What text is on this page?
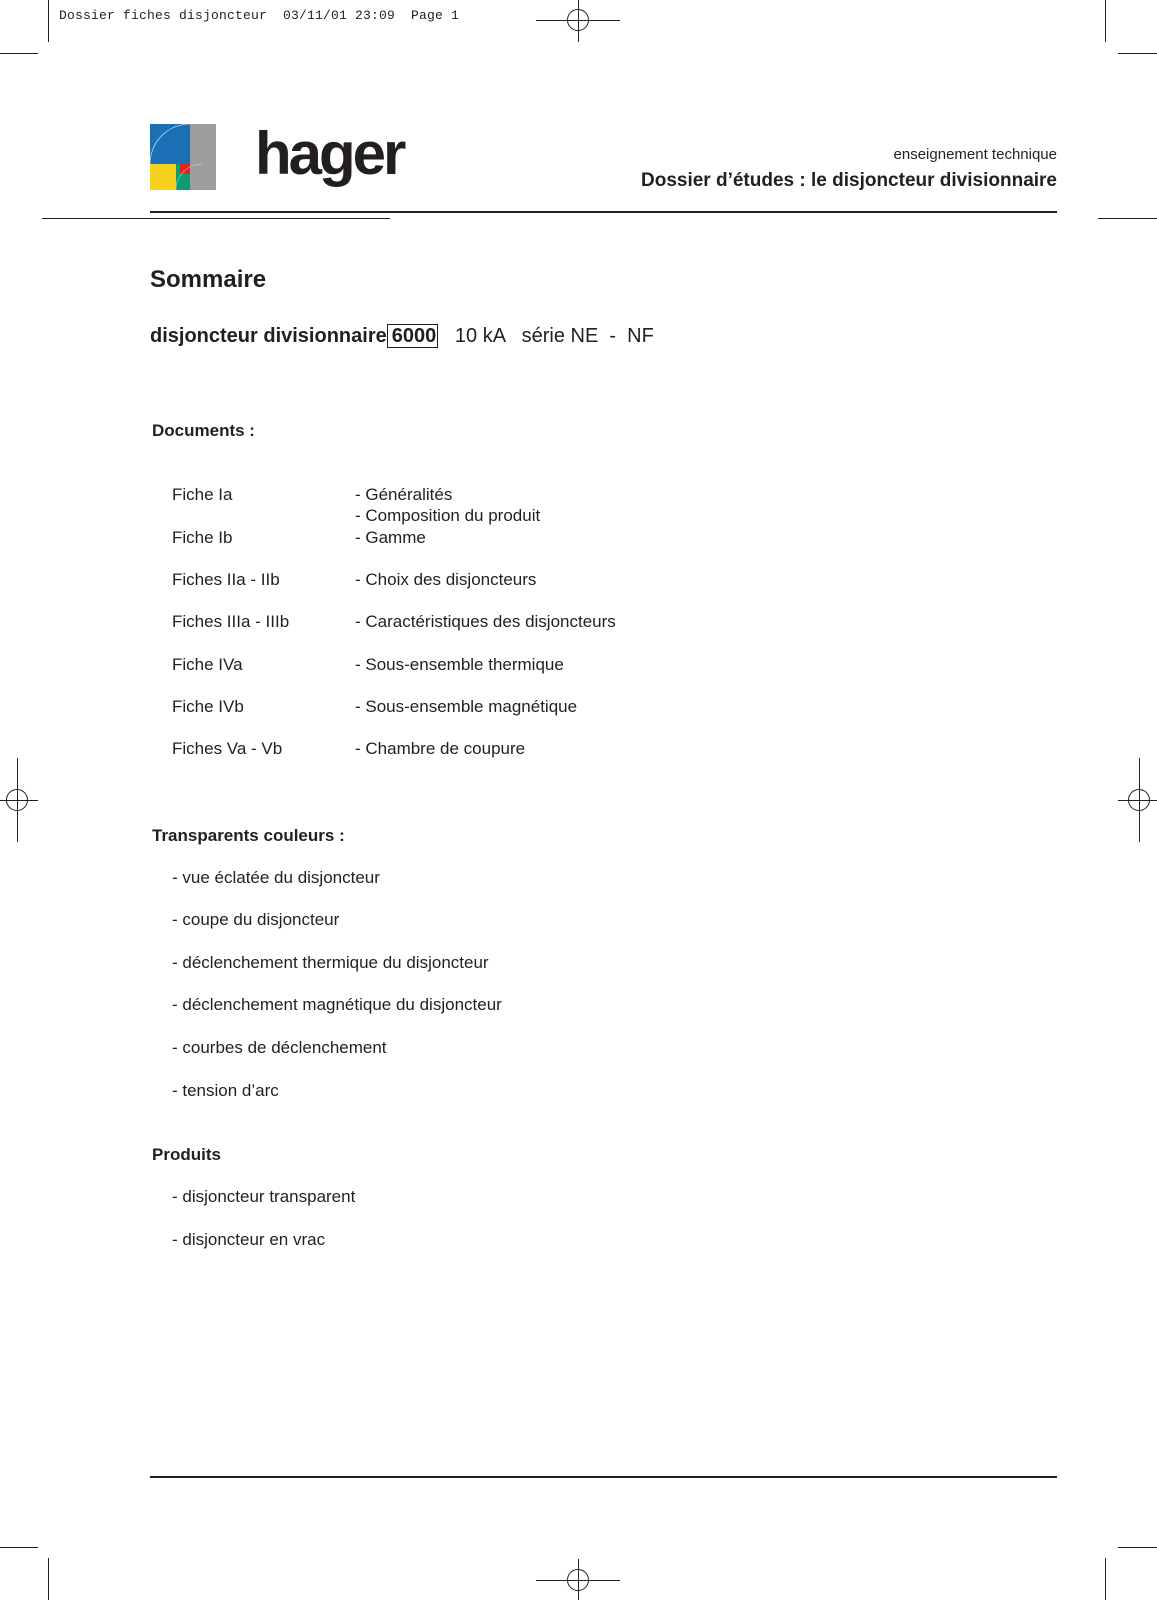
Dossier fiches disjoncteur  03/11/01 23:09  Page 1
hager	enseignement technique
Dossier d’études : le disjoncteur divisionnaire
Sommaire
disjoncteur divisionnaire 6000 10 kA   série NE  -  NF
Documents :
Fiche Ia	- Généralités
- Composition du produit
Fiche Ib	- Gamme
Fiches IIa - IIb	- Choix des disjoncteurs
Fiches IIIa - IIIb	- Caractéristiques des disjoncteurs
Fiche IVa	- Sous-ensemble thermique
Fiche IVb	- Sous-ensemble magnétique
Fiches Va - Vb	- Chambre de coupure
Transparents couleurs :
- vue éclatée du disjoncteur
- coupe du disjoncteur
- déclenchement thermique du disjoncteur
- déclenchement magnétique du disjoncteur
- courbes de déclenchement
- tension d’arc
Produits
- disjoncteur transparent
- disjoncteur en vrac
